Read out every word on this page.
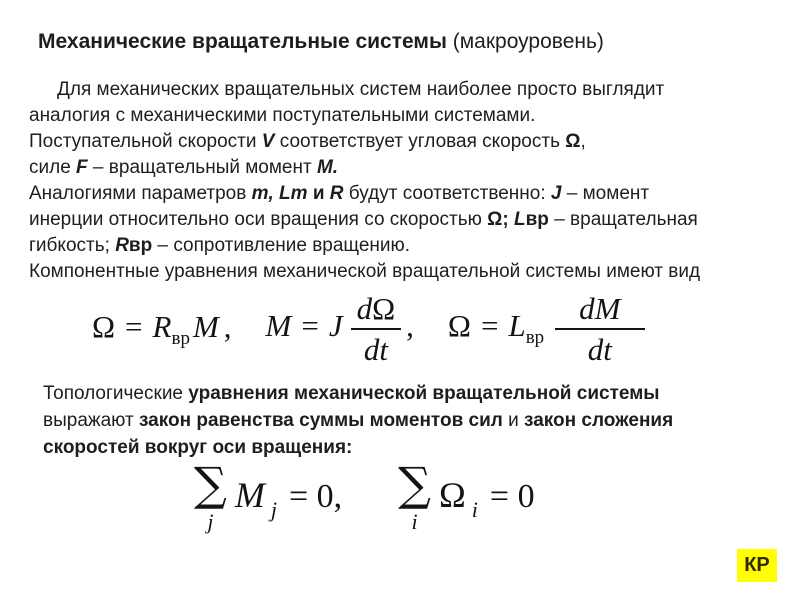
Механические вращательные системы (макроуровень)
Для механических вращательных систем наиболее просто выглядит
аналогия с механическими поступательными системами.
Поступательной скорости V соответствует угловая скорость Ω,
силе F – вращательный момент М.
Аналогиями параметров m, Lm и R будут соответственно: J – момент
инерции относительно оси вращения со скоростью Ω; Lвр – вращательная
гибкость; Rвр – сопротивление вращению.
Компонентные уравнения механической вращательной системы имеют вид
$\Omega = R_{вр}M$ , M = J $\frac{d\Omega}{dt}$ , $\Omega = L_{вр} \frac{dM}{dt}$
Топологические уравнения механической вращательной системы
выражают закон равенства суммы моментов сил и закон сложения
скоростей вокруг оси вращения:
∑
j
M j = 0, ∑
i
Ω i = 0
КР
